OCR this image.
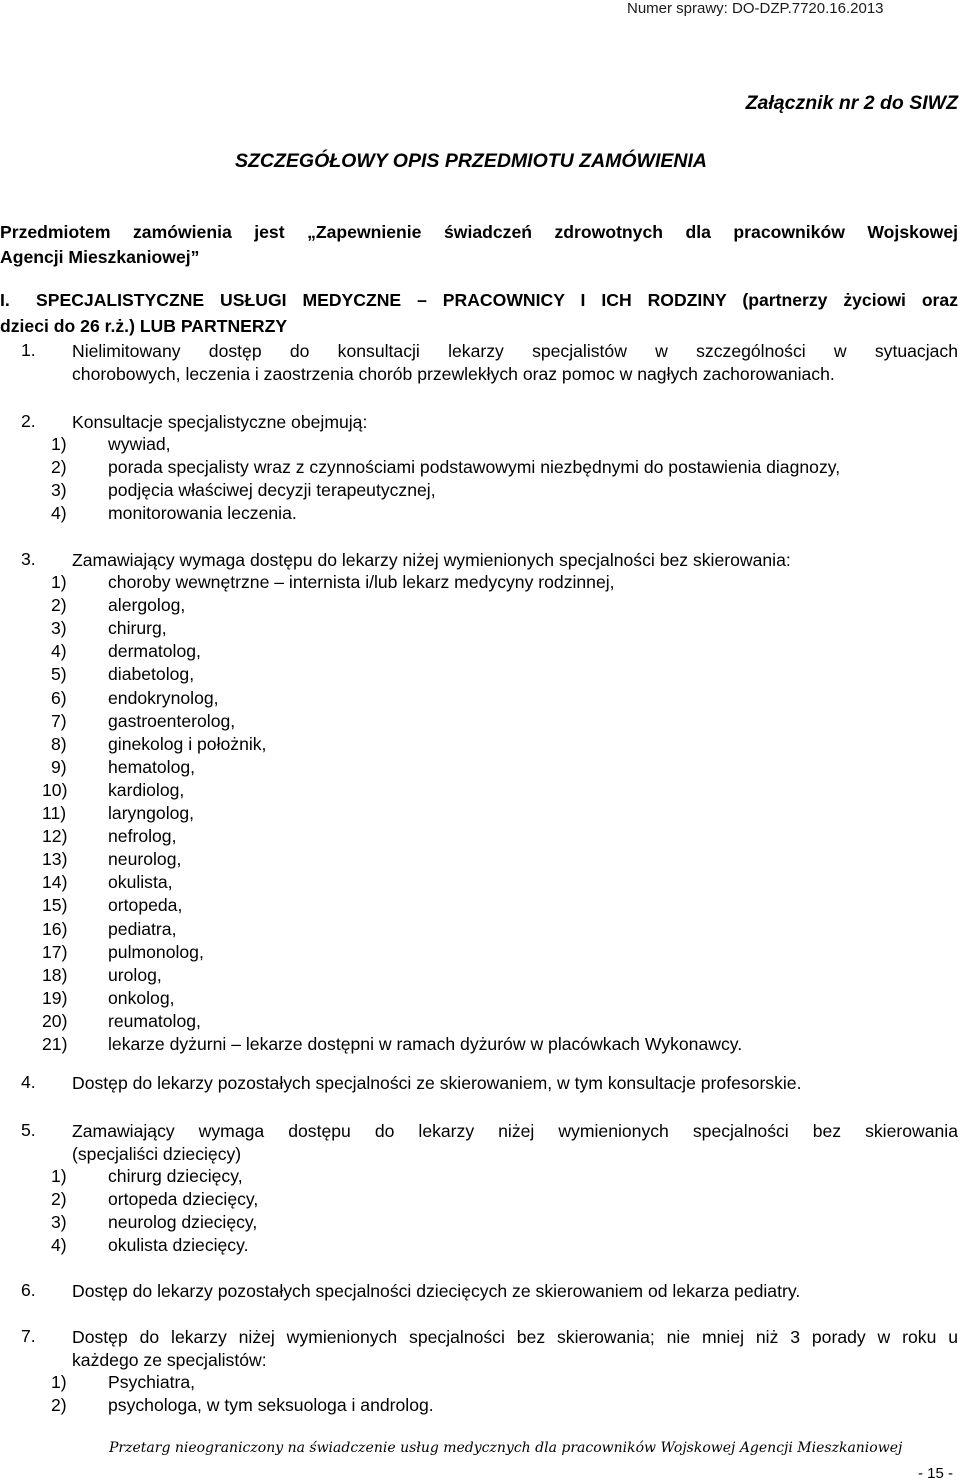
Numer sprawy: DO-DZP.7720.16.2013
Załącznik nr 2 do SIWZ
SZCZEGÓŁOWY OPIS PRZEDMIOTU ZAMÓWIENIA
Przedmiotem zamówienia jest „Zapewnienie świadczeń zdrowotnych dla pracowników Wojskowej
Agencji Mieszkaniowej”
I. SPECJALISTYCZNE USŁUGI MEDYCZNE – PRACOWNICY I ICH RODZINY (partnerzy życiowi oraz
dzieci do 26 r.ż.) LUB PARTNERZY
1. Nielimitowany dostęp do konsultacji lekarzy specjalistów w szczególności w sytuacjach
chorobowych, leczenia i zaostrzenia chorób przewlekłych oraz pomoc w nagłych zachorowaniach.
2. Konsultacje specjalistyczne obejmują:
1) wywiad,
2) porada specjalisty wraz z czynnościami podstawowymi niezbędnymi do postawienia diagnozy,
3) podjęcia właściwej decyzji terapeutycznej,
4) monitorowania leczenia.
3. Zamawiający wymaga dostępu do lekarzy niżej wymienionych specjalności bez skierowania:
1) choroby wewnętrzne – internista i/lub lekarz medycyny rodzinnej,
2) alergolog,
3) chirurg,
4) dermatolog,
5) diabetolog,
6) endokrynolog,
7) gastroenterolog,
8) ginekolog i położnik,
9) hematolog,
10) kardiolog,
11) laryngolog,
12) nefrolog,
13) neurolog,
14) okulista,
15) ortopeda,
16) pediatra,
17) pulmonolog,
18) urolog,
19) onkolog,
20) reumatolog,
21) lekarze dyżurni – lekarze dostępni w ramach dyżurów w placówkach Wykonawcy.
4. Dostęp do lekarzy pozostałych specjalności ze skierowaniem, w tym konsultacje profesorskie.
5. Zamawiający wymaga dostępu do lekarzy niżej wymienionych specjalności bez skierowania
(specjaliści dziecięcy)
1) chirurg dziecięcy,
2) ortopeda dziecięcy,
3) neurolog dziecięcy,
4) okulista dziecięcy.
6. Dostęp do lekarzy pozostałych specjalności dziecięcych ze skierowaniem od lekarza pediatry.
7. Dostęp do lekarzy niżej wymienionych specjalności bez skierowania; nie mniej niż 3 porady w roku u
każdego ze specjalistów:
1) Psychiatra,
2) psychologa, w tym seksuologa i androlog.
Przetarg nieograniczony na świadczenie usług medycznych dla pracowników Wojskowej Agencji Mieszkaniowej
- 15 -
